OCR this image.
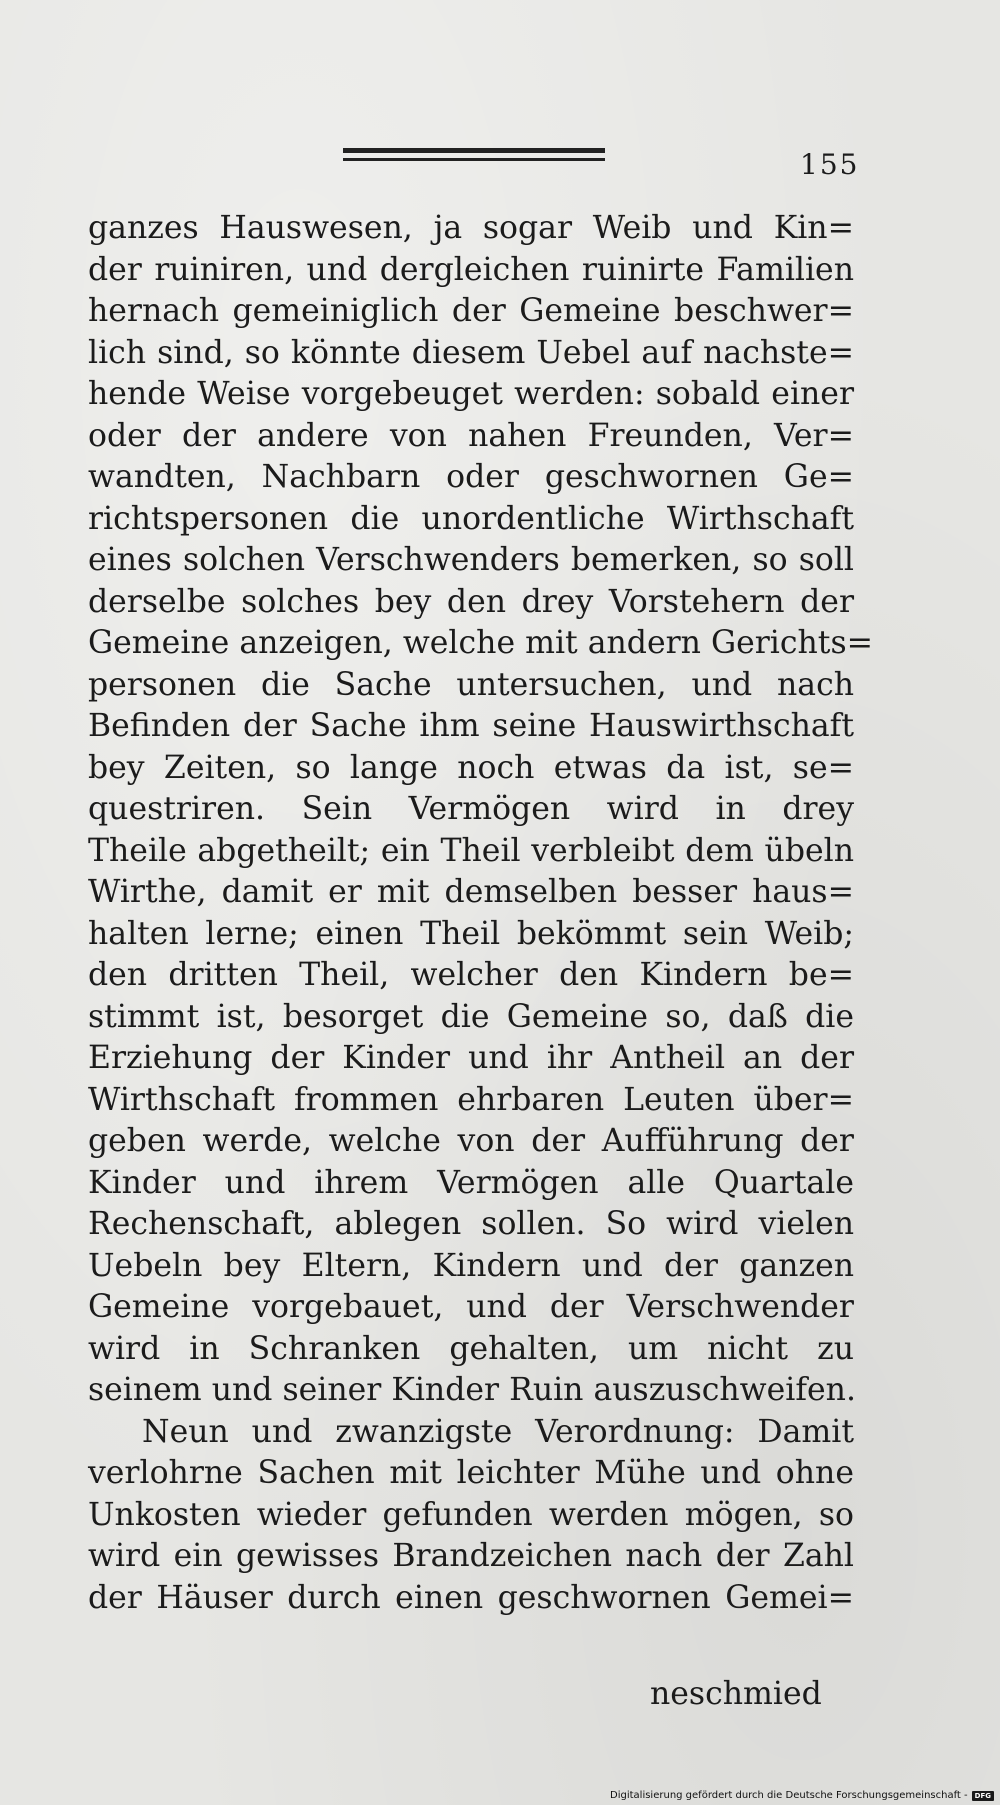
155
ganzes Hauswesen, ja sogar Weib und Kin=
der ruiniren, und dergleichen ruinirte Familien
hernach gemeiniglich der Gemeine beschwer=
lich sind, so könnte diesem Uebel auf nachste=
hende Weise vorgebeuget werden: sobald einer
oder der andere von nahen Freunden, Ver=
wandten, Nachbarn oder geschwornen Ge=
richtspersonen die unordentliche Wirthschaft
eines solchen Verschwenders bemerken, so soll
derselbe solches bey den drey Vorstehern der
Gemeine anzeigen, welche mit andern Gerichts=
personen die Sache untersuchen, und nach
Befinden der Sache ihm seine Hauswirthschaft
bey Zeiten, so lange noch etwas da ist, se=
questriren. Sein Vermögen wird in drey
Theile abgetheilt; ein Theil verbleibt dem übeln
Wirthe, damit er mit demselben besser haus=
halten lerne; einen Theil bekömmt sein Weib;
den dritten Theil, welcher den Kindern be=
stimmt ist, besorget die Gemeine so, daß die
Erziehung der Kinder und ihr Antheil an der
Wirthschaft frommen ehrbaren Leuten über=
geben werde, welche von der Aufführung der
Kinder und ihrem Vermögen alle Quartale
Rechenschaft, ablegen sollen. So wird vielen
Uebeln bey Eltern, Kindern und der ganzen
Gemeine vorgebauet, und der Verschwender
wird in Schranken gehalten, um nicht zu
seinem und seiner Kinder Ruin auszuschweifen.
Neun und zwanzigste Verordnung: Damit
verlohrne Sachen mit leichter Mühe und ohne
Unkosten wieder gefunden werden mögen, so
wird ein gewisses Brandzeichen nach der Zahl
der Häuser durch einen geschwornen Gemei=
neschmied
Digitalisierung gefördert durch die Deutsche Forschungsgemeinschaft -	DFG
